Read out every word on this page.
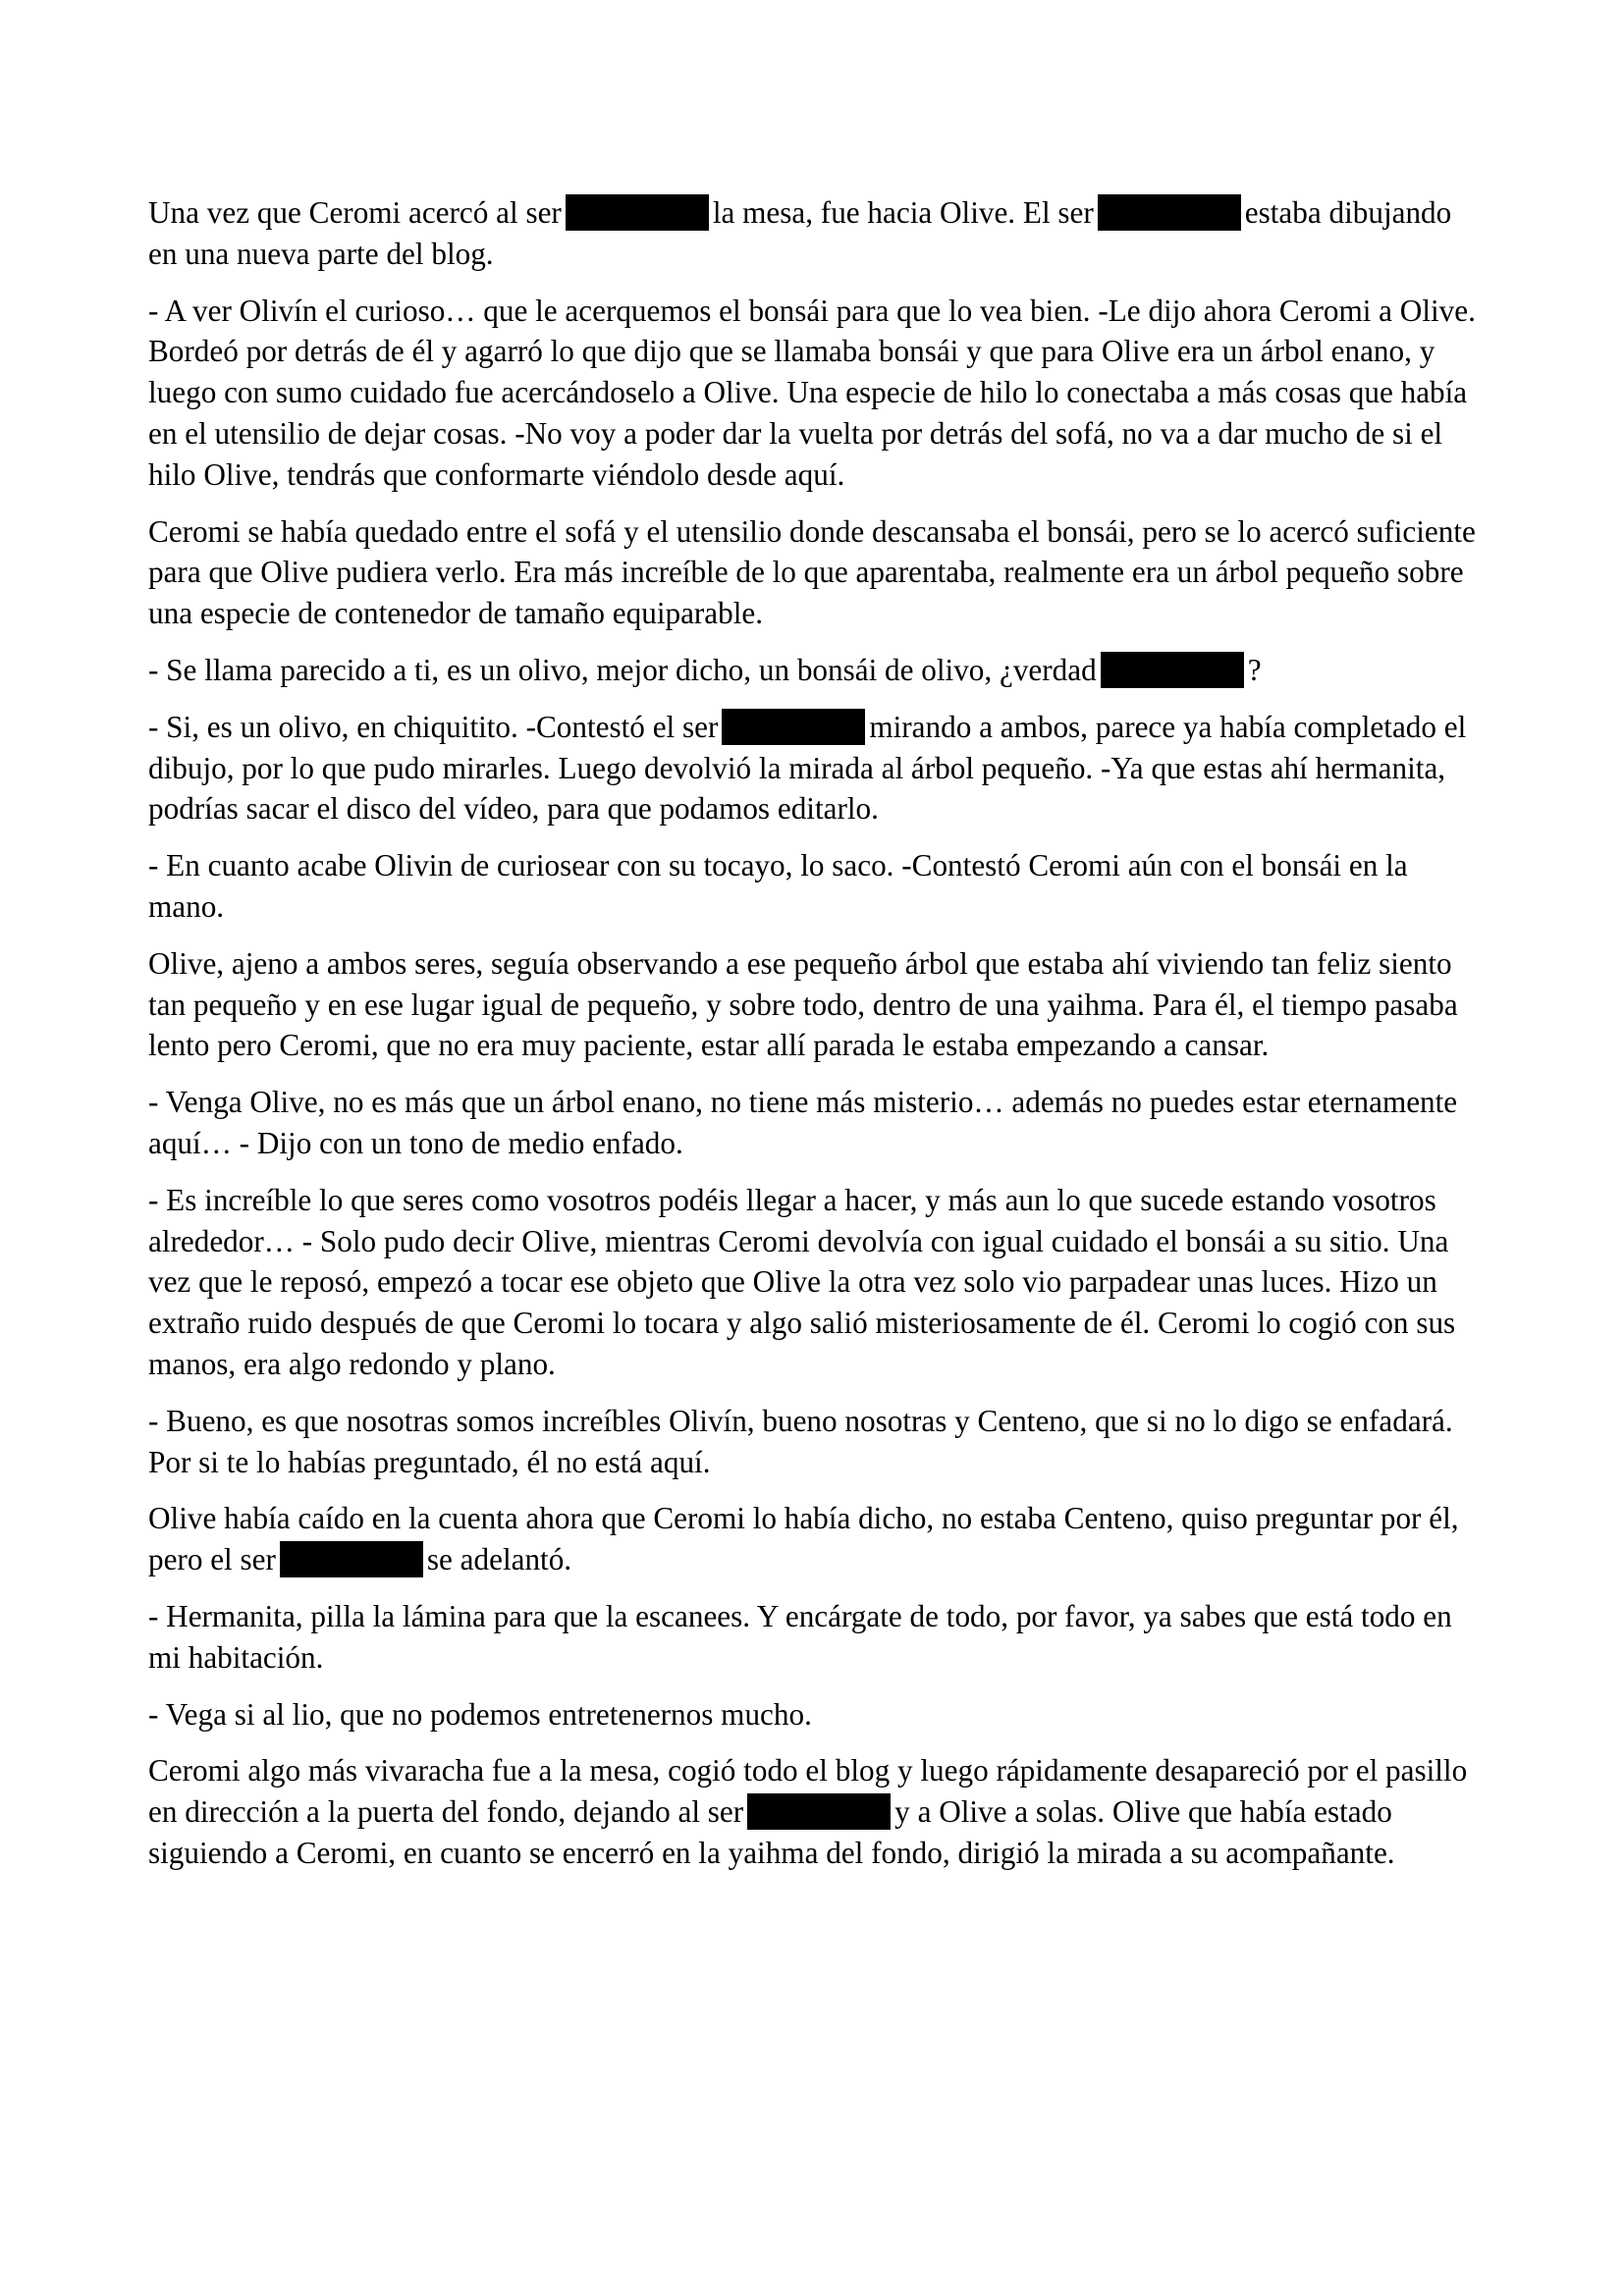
Una vez que Ceromi acercó al ser	la mesa, fue hacia Olive. El ser	estaba dibujando en una nueva parte del blog.

- A ver Olivín el curioso… que le acerquemos el bonsái para que lo vea bien. -Le dijo ahora Ceromi a Olive. Bordeó por detrás de él y agarró lo que dijo que se llamaba bonsái y que para Olive era un árbol enano, y luego con sumo cuidado fue acercándoselo a Olive. Una especie de hilo lo conectaba a más cosas que había en el utensilio de dejar cosas. -No voy a poder dar la vuelta por detrás del sofá, no va a dar mucho de si el hilo Olive, tendrás que conformarte viéndolo desde aquí.

Ceromi se había quedado entre el sofá y el utensilio donde descansaba el bonsái, pero se lo acercó suficiente para que Olive pudiera verlo. Era más increíble de lo que aparentaba, realmente era un árbol pequeño sobre una especie de contenedor de tamaño equiparable.

- Se llama parecido a ti, es un olivo, mejor dicho, un bonsái de olivo, ¿verdad	?

- Si, es un olivo, en chiquitito. -Contestó el ser	mirando a ambos, parece ya había completado el dibujo, por lo que pudo mirarles. Luego devolvió la mirada al árbol pequeño. -Ya que estas ahí hermanita, podrías sacar el disco del vídeo, para que podamos editarlo.

- En cuanto acabe Olivin de curiosear con su tocayo, lo saco. -Contestó Ceromi aún con el bonsái en la mano.

Olive, ajeno a ambos seres, seguía observando a ese pequeño árbol que estaba ahí viviendo tan feliz siento tan pequeño y en ese lugar igual de pequeño, y sobre todo, dentro de una yaihma. Para él, el tiempo pasaba lento pero Ceromi, que no era muy paciente, estar allí parada le estaba empezando a cansar.

- Venga Olive, no es más que un árbol enano, no tiene más misterio… además no puedes estar eternamente aquí… - Dijo con un tono de medio enfado.

- Es increíble lo que seres como vosotros podéis llegar a hacer, y más aun lo que sucede estando vosotros alrededor… - Solo pudo decir Olive, mientras Ceromi devolvía con igual cuidado el bonsái a su sitio. Una vez que le reposó, empezó a tocar ese objeto que Olive la otra vez solo vio parpadear unas luces. Hizo un extraño ruido después de que Ceromi lo tocara y algo salió misteriosamente de él. Ceromi lo cogió con sus manos, era algo redondo y plano.

- Bueno, es que nosotras somos increíbles Olivín, bueno nosotras y Centeno, que si no lo digo se enfadará. Por si te lo habías preguntado, él no está aquí.

Olive había caído en la cuenta ahora que Ceromi lo había dicho, no estaba Centeno, quiso preguntar por él, pero el ser	se adelantó.

- Hermanita, pilla la lámina para que la escanees. Y encárgate de todo, por favor, ya sabes que está todo en mi habitación.

- Vega si al lio, que no podemos entretenernos mucho.

Ceromi algo más vivaracha fue a la mesa, cogió todo el blog y luego rápidamente desapareció por el pasillo en dirección a la puerta del fondo, dejando al ser	y a Olive a solas. Olive que había estado siguiendo a Ceromi, en cuanto se encerró en la yaihma del fondo, dirigió la mirada a su acompañante.
